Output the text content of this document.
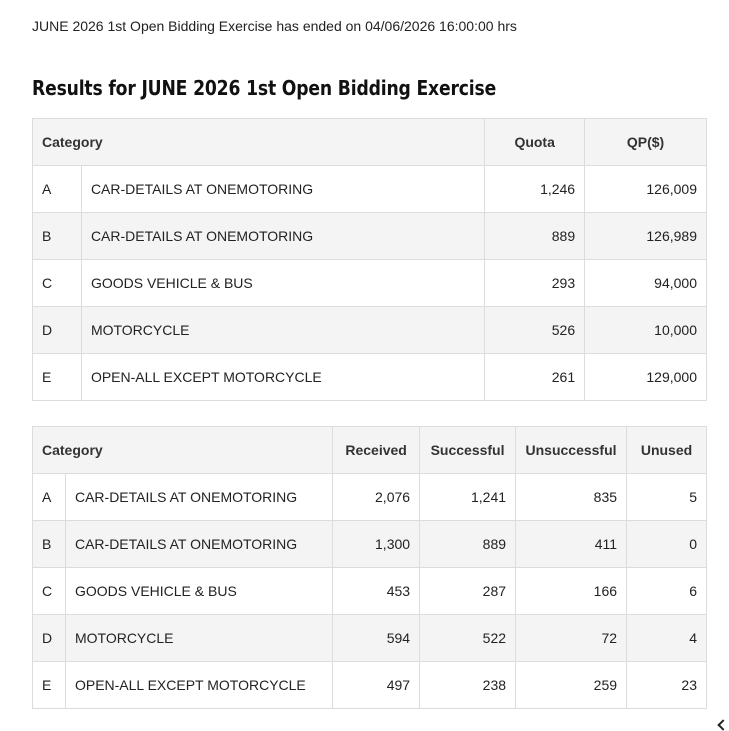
JUNE 2026 1st Open Bidding Exercise has ended on 04/06/2026 16:00:00 hrs
Results for JUNE 2026 1st Open Bidding Exercise
Category		Quota	QP($)
A	CAR-DETAILS AT ONEMOTORING	1,246	126,009
B	CAR-DETAILS AT ONEMOTORING	889	126,989
C	GOODS VEHICLE & BUS	293	94,000
D	MOTORCYCLE	526	10,000
E	OPEN-ALL EXCEPT MOTORCYCLE	261	129,000
Category		Received	Successful	Unsuccessful	Unused
A	CAR-DETAILS AT ONEMOTORING	2,076	1,241	835	5
B	CAR-DETAILS AT ONEMOTORING	1,300	889	411	0
C	GOODS VEHICLE & BUS	453	287	166	6
D	MOTORCYCLE	594	522	72	4
E	OPEN-ALL EXCEPT MOTORCYCLE	497	238	259	23
